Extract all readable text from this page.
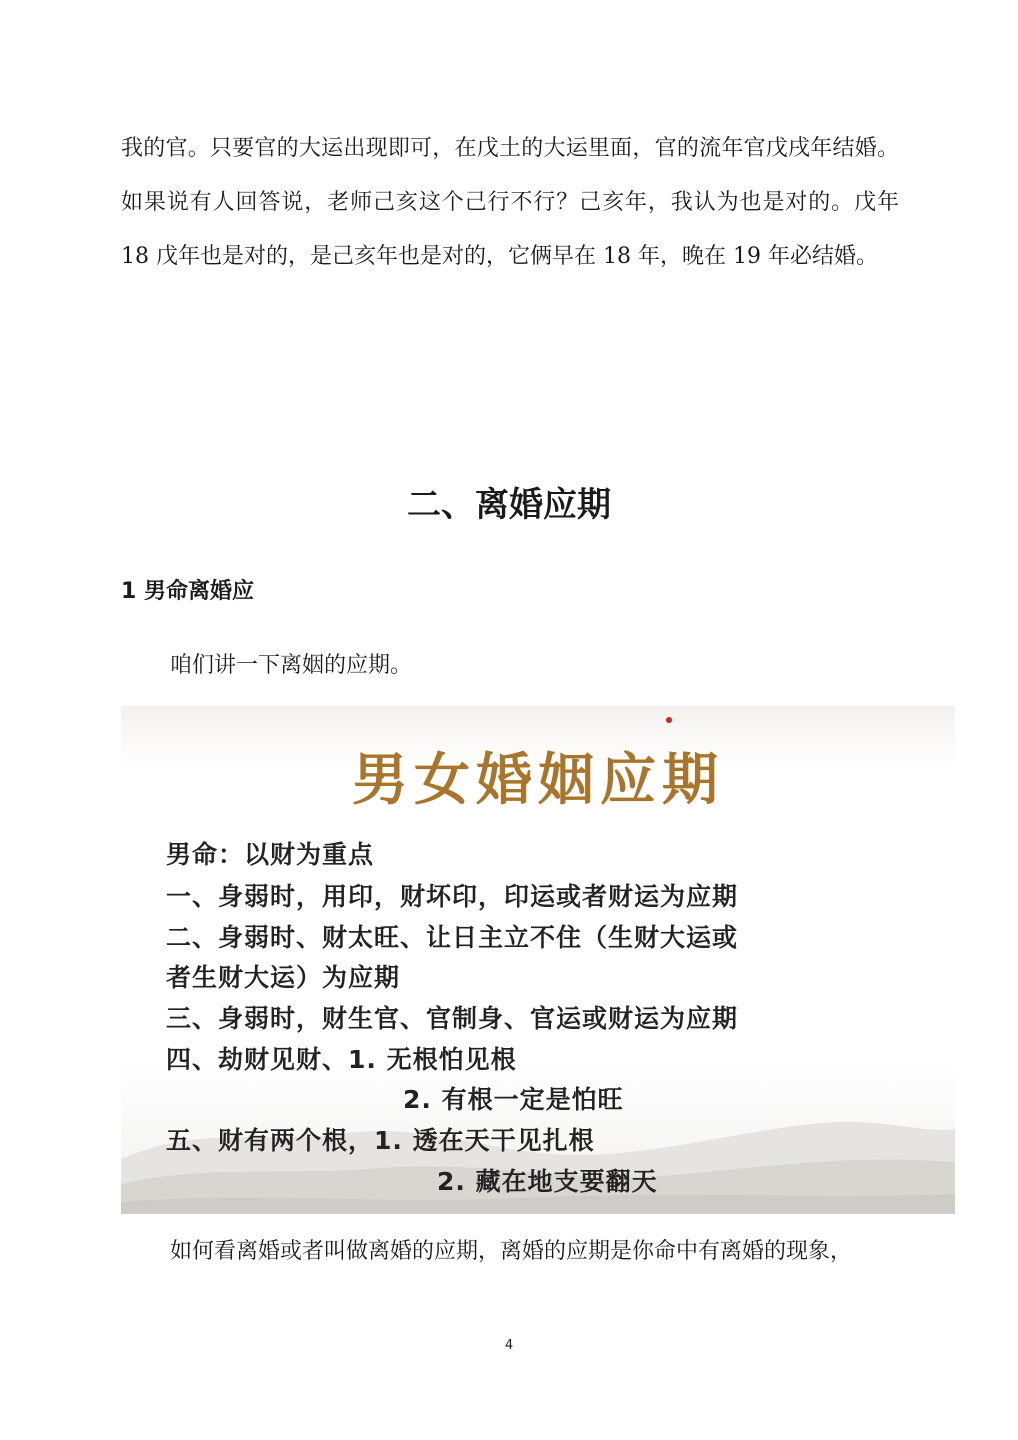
我的官。只要官的大运出现即可，在戊土的大运里面，官的流年官戊戌年结婚。如果说有人回答说，老师己亥这个己行不行？己亥年，我认为也是对的。戊年 18 戊年也是对的，是己亥年也是对的，它俩早在 18 年，晚在 19 年必结婚。

二、离婚应期
1 男命离婚应

咱们讲一下离姻的应期。

男女婚姻应期

男命：以财为重点

一、身弱时，用印，财坏印，印运或者财运为应期

二、身弱时、财太旺、让日主立不住（生财大运或

者生财大运）为应期

三、身弱时，财生官、官制身、官运或财运为应期

四、劫财见财、1. 无根怕见根

2. 有根一定是怕旺

五、财有两个根，1. 透在天干见扎根

2. 藏在地支要翻天

如何看离婚或者叫做离婚的应期，离婚的应期是你命中有离婚的现象，

4
